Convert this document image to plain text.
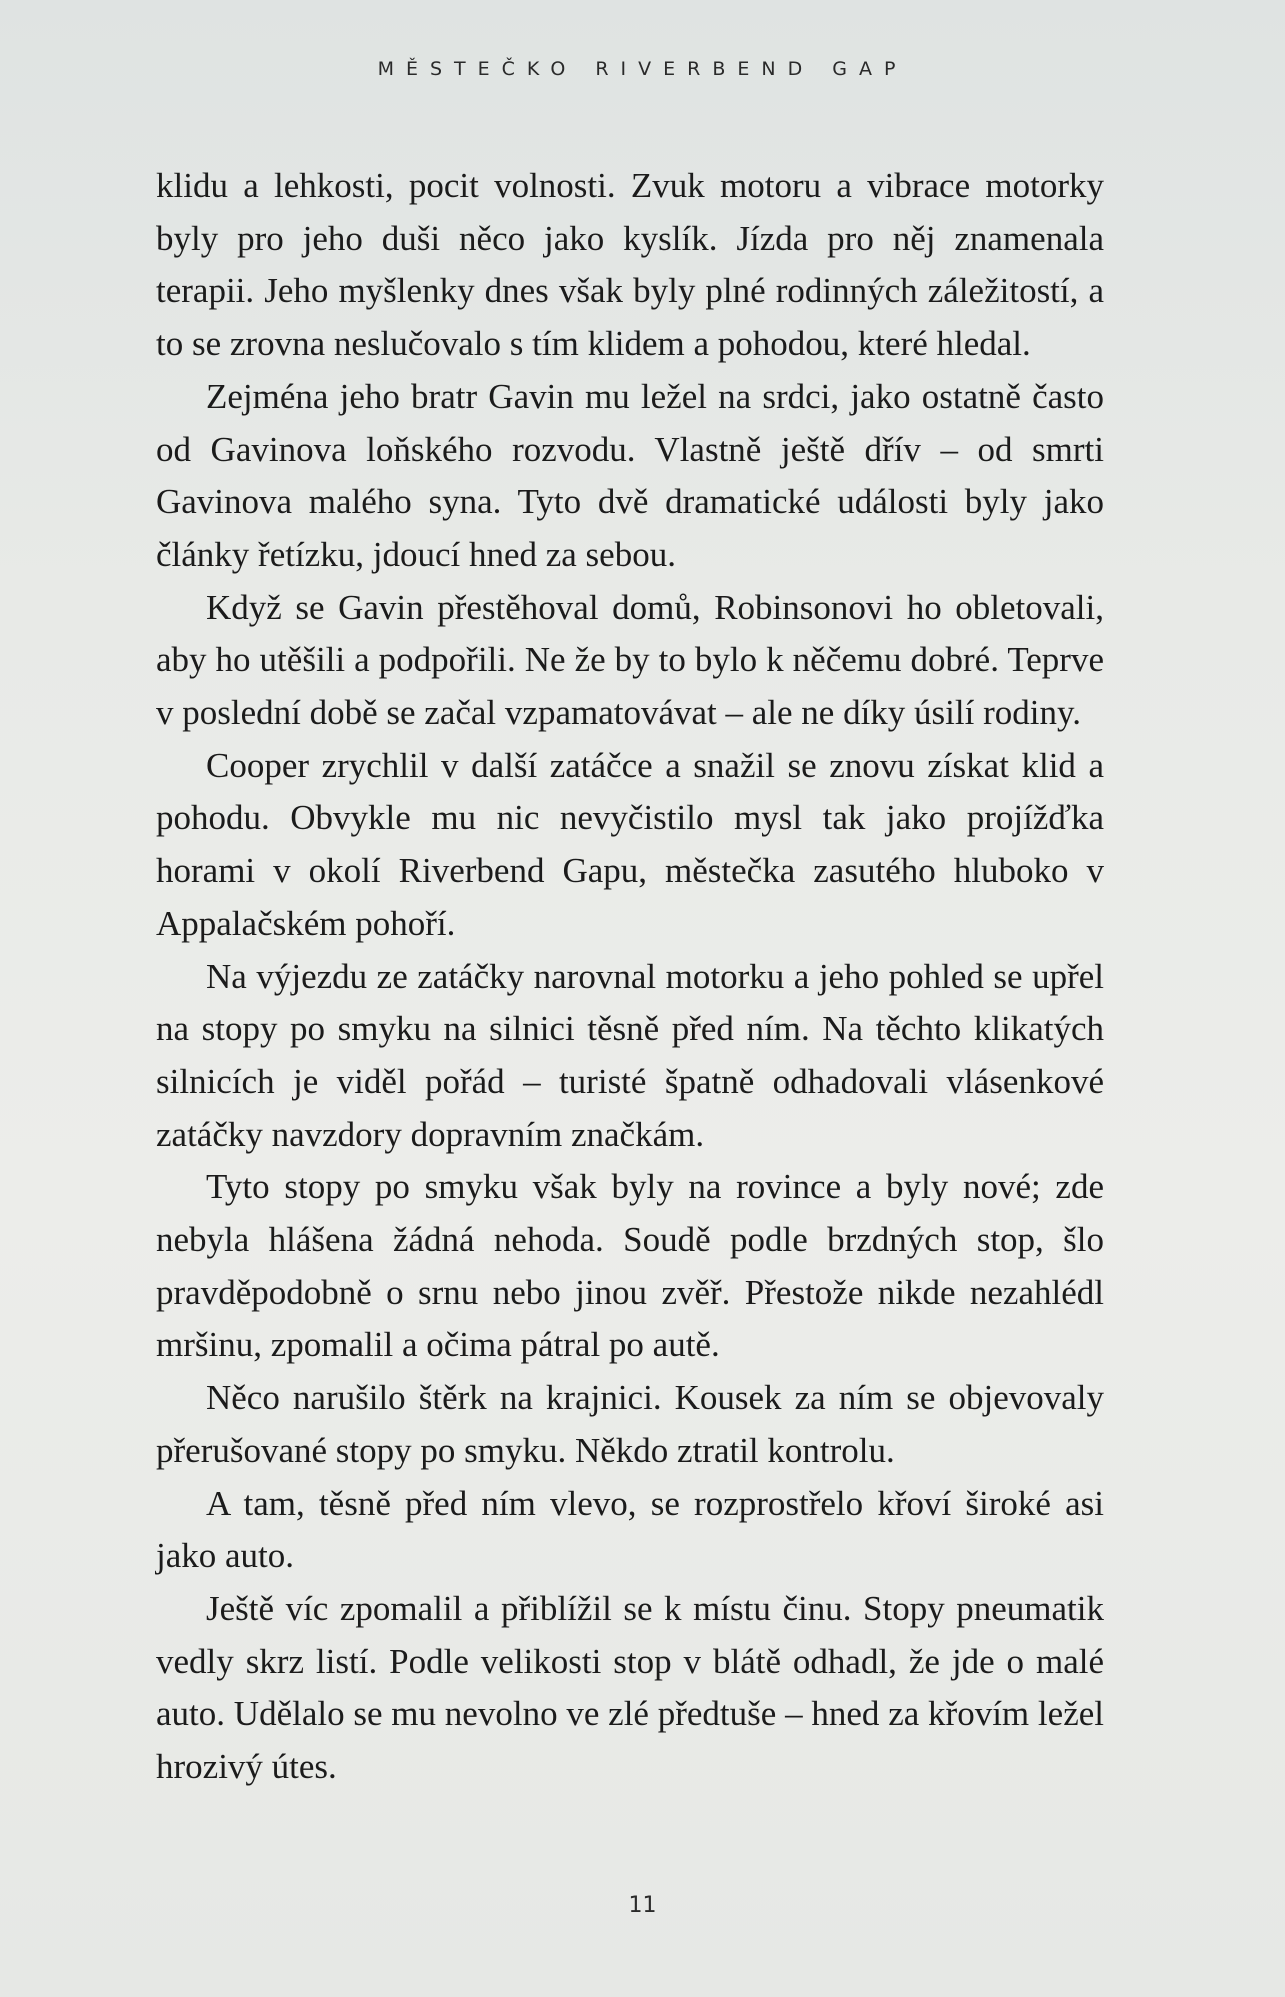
MĚSTEČKO RIVERBEND GAP

klidu a lehkosti, pocit volnosti. Zvuk motoru a vibrace motorky byly pro jeho duši něco jako kyslík. Jízda pro něj znamenala terapii. Jeho myšlenky dnes však byly plné rodinných záležitostí, a to se zrovna neslučovalo s tím klidem a pohodou, které hledal.

Zejména jeho bratr Gavin mu ležel na srdci, jako ostatně často od Gavinova loňského rozvodu. Vlastně ještě dřív – od smrti Gavinova malého syna. Tyto dvě dramatické události byly jako články řetízku, jdoucí hned za sebou.

Když se Gavin přestěhoval domů, Robinsonovi ho obletovali, aby ho utěšili a podpořili. Ne že by to bylo k něčemu dobré. Teprve v poslední době se začal vzpamatovávat – ale ne díky úsilí rodiny.

Cooper zrychlil v další zatáčce a snažil se znovu získat klid a pohodu. Obvykle mu nic nevyčistilo mysl tak jako projížďka horami v okolí Riverbend Gapu, městečka zasutého hluboko v Appalačském pohoří.

Na výjezdu ze zatáčky narovnal motorku a jeho pohled se upřel na stopy po smyku na silnici těsně před ním. Na těchto klikatých silnicích je viděl pořád – turisté špatně odhadovali vlásenkové zatáčky navzdory dopravním značkám.

Tyto stopy po smyku však byly na rovince a byly nové; zde nebyla hlášena žádná nehoda. Soudě podle brzdných stop, šlo pravděpodobně o srnu nebo jinou zvěř. Přestože nikde nezahlédl mršinu, zpomalil a očima pátral po autě.

Něco narušilo štěrk na krajnici. Kousek za ním se objevovaly přerušované stopy po smyku. Někdo ztratil kontrolu.

A tam, těsně před ním vlevo, se rozprostřelo křoví široké asi jako auto.

Ještě víc zpomalil a přiblížil se k místu činu. Stopy pneumatik vedly skrz listí. Podle velikosti stop v blátě odhadl, že jde o malé auto. Udělalo se mu nevolno ve zlé předtuše – hned za křovím ležel hrozivý útes.

11
